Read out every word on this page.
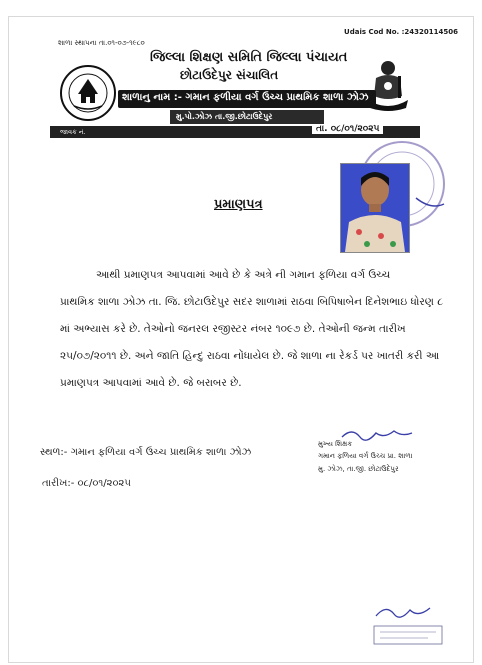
Udais Cod No. :24320114506
શાળા સ્થાપના તા.૦૧-૦૭-૧૯૮૦
જિલ્લા શિક્ષણ સમિતિ જિલ્લા પંચાયત
છોટાઉદેપુર સંચાલિત
શાળાનુ નામ :- ગમાન ફળીયા વર્ગ ઉચ્ચ પ્રાથમિક શાળા ઝોઝ
જાવક નં.
મુ.પો.ઝોઝ તા.જી.છોટાઉદેપુર
તા. ૦૮/૦૧/૨૦૨૫
પ્રમાણપત્ર

આથી પ્રમાણપત્ર આપવામાં આવે છે કે અત્રે ની ગમાન ફળિયા વર્ગ ઉચ્ચ

પ્રાથમિક શાળા ઝોઝ તા. જિ. છોટાઉદેપુર સદર શાળામાં રાઠવા બિપિષાબેન દિનેશભાઇ ધોરણ ૮

માં અભ્યાસ કરે છે. તેઓનો જનરલ રજીસ્ટર નંબર ૧૦૯૭ છે. તેઓની જન્મ તારીખ

૨૫/૦૭/૨૦૧૧ છે. અને જાતિ હિન્દુ રાઠવા નોંધાયેલ છે. જે શાળા ના રેકર્ડ પર ખાતરી કરી આ

પ્રમાણપત્ર આપવામાં આવે છે. જે બરાબર છે.

સ્થળ:- ગમાન ફળિયા વર્ગ ઉચ્ચ પ્રાથમિક શાળા ઝોઝ
તારીખ:- ૦૮/૦૧/૨૦૨૫
મુખ્ય શિક્ષક
ગમાન ફળિયા વર્ગ ઉચ્ચ પ્રા. શાળા
મુ. ઝોઝ, તા.જી. છોટાઉદેપુર
